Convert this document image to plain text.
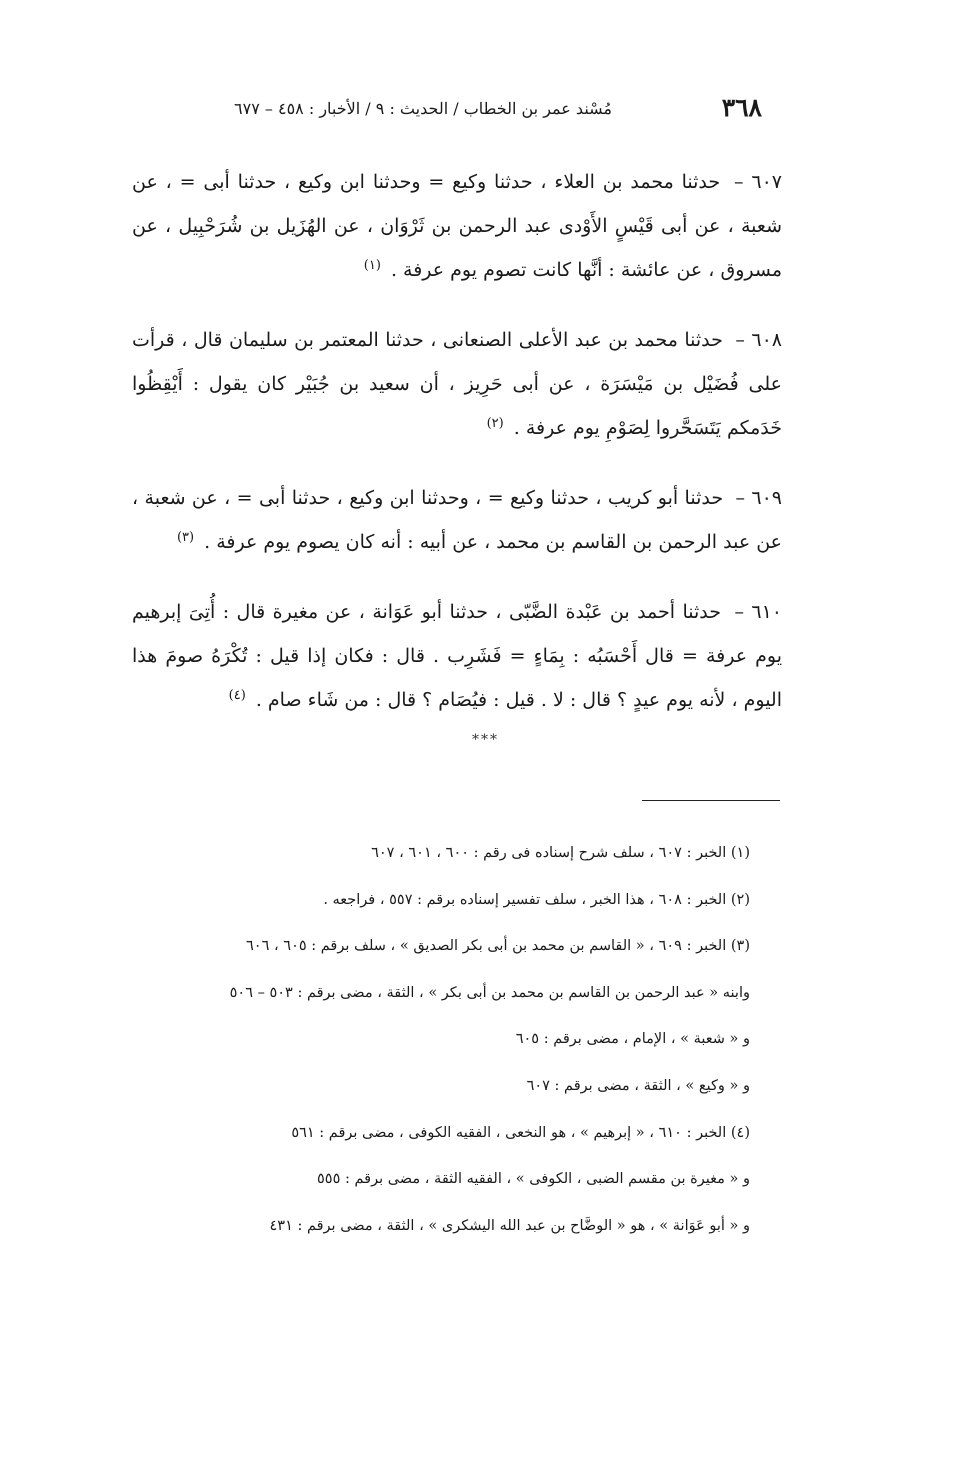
٣٦٨
مُسْند عمر بن الخطاب / الحديث : ٩ / الأخبار : ٤٥٨ – ٦٧٧

٦٠٧ – حدثنا محمد بن العلاء ، حدثنا وكيع = وحدثنا ابن وكيع ، حدثنا أبى = ، عن شعبة ، عن أبى قَيْسٍ الأَوْدى عبد الرحمن بن ثَرْوَان ، عن الهُزَيل بن شُرَحْبِيل ، عن مسروق ، عن عائشة : أنَّها كانت تصوم يوم عرفة . $^{(١)}$

٦٠٨ – حدثنا محمد بن عبد الأعلى الصنعانى ، حدثنا المعتمر بن سليمان قال ، قرأت على فُضَيْل بن مَيْسَرَة ، عن أبى حَرِيز ، أن سعيد بن جُبَيْر كان يقول : أَيْقِظُوا خَدَمكم يَتَسَحَّروا لِصَوْمِ يوم عرفة . $^{(٢)}$

٦٠٩ – حدثنا أبو كريب ، حدثنا وكيع = ، وحدثنا ابن وكيع ، حدثنا أبى = ، عن شعبة ، عن عبد الرحمن بن القاسم بن محمد ، عن أبيه : أنه كان يصوم يوم عرفة . $^{(٣)}$

٦١٠ – حدثنا أحمد بن عَبْدة الضَّبّى ، حدثنا أبو عَوَانة ، عن مغيرة قال : أُتِىَ إبرهيم يوم عرفة = قال أَحْسَبُه : بِمَاءٍ = فَشَرِب . قال : فكان إذا قيل : تُكْرَهُ صومَ هذا اليوم ، لأنه يوم عيدٍ ؟ قال : لا . قيل : فيُصَام ؟ قال : من شَاء صام . $^{(٤)}$

***
(١) الخبر : ٦٠٧ ، سلف شرح إسناده فى رقم : ٦٠٠ ، ٦٠١ ، ٦٠٧
(٢) الخبر : ٦٠٨ ، هذا الخبر ، سلف تفسير إسناده برقم : ٥٥٧ ، فراجعه .
(٣) الخبر : ٦٠٩ ، « القاسم بن محمد بن أبى بكر الصديق » ، سلف برقم : ٦٠٥ ، ٦٠٦
وابنه « عبد الرحمن بن القاسم بن محمد بن أبى بكر » ، الثقة ، مضى برقم : ٥٠٣ – ٥٠٦
و « شعبة » ، الإمام ، مضى برقم : ٦٠٥
و « وكيع » ، الثقة ، مضى برقم : ٦٠٧
(٤) الخبر : ٦١٠ ، « إبرهيم » ، هو النخعى ، الفقيه الكوفى ، مضى برقم : ٥٦١
و « مغيرة بن مقسم الضبى ، الكوفى » ، الفقيه الثقة ، مضى برقم : ٥٥٥
و « أبو عَوَانة » ، هو « الوضَّاح بن عبد الله اليشكرى » ، الثقة ، مضى برقم : ٤٣١
